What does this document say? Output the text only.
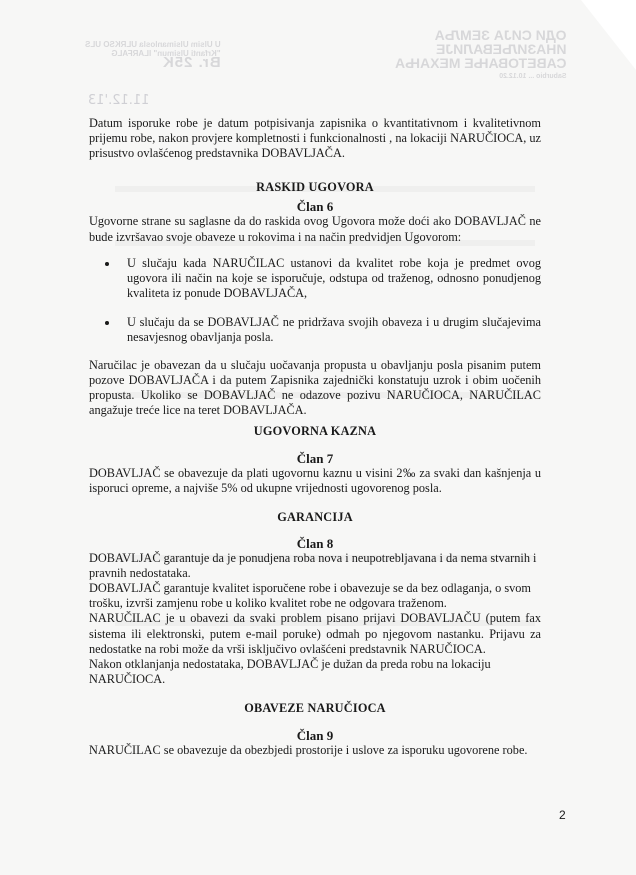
U Ulsim Ulsimanlosla ULRKSO ULS
"Krfanti Ulsimun" ILARFALG
Br. 25K
11.12.'13
ОДИ СИЈА ЗЕМЉА
ИНАЗИЉЕВАЛИЈЕ
САВЕТОВАЊЕ МЕХАЊА
Saburbio ... 10.12.20

Datum isporuke robe je datum potpisivanja zapisnika o kvantitativnom i kvalitetivnom prijemu robe, nakon provjere kompletnosti i funkcionalnosti , na lokaciji NARUČIOCA, uz prisustvo ovlašćenog predstavnika DOBAVLJAČA.

RASKID UGOVORA

Član 6

Ugovorne strane su saglasne da do raskida ovog Ugovora može doći ako DOBAVLJAČ ne bude izvršavao svoje obaveze u rokovima i na način predvidjen Ugovorom:

U slučaju kada NARUČILAC ustanovi da kvalitet robe koja je predmet ovog ugovora ili način na koje se isporučuje, odstupa od traženog, odnosno ponudjenog kvaliteta iz ponude DOBAVLJAČA,
U slučaju da se DOBAVLJAČ ne pridržava svojih obaveza i u drugim slučajevima nesavjesnog obavljanja posla.

Naručilac je obavezan da u slučaju uočavanja propusta u obavljanju posla pisanim putem pozove DOBAVLJAČA i da putem Zapisnika zajednički konstatuju uzrok i obim uočenih propusta. Ukoliko se DOBAVLJAČ ne odazove pozivu NARUČIOCA, NARUČILAC angažuje treće lice na teret DOBAVLJAČA.

UGOVORNA KAZNA

Član 7

DOBAVLJAČ se obavezuje da plati ugovornu kaznu u visini 2‰ za svaki dan kašnjenja u isporuci opreme, a najviše 5% od ukupne vrijednosti ugovorenog posla.

GARANCIJA

Član 8

DOBAVLJAČ garantuje da je ponudjena roba nova i neupotrebljavana i da nema stvarnih i pravnih nedostataka.

DOBAVLJAČ garantuje kvalitet isporučene robe i obavezuje se da bez odlaganja, o svom trošku, izvrši zamjenu robe u koliko kvalitet robe ne odgovara traženom.

NARUČILAC je u obavezi da svaki problem pisano prijavi DOBAVLJAČU (putem fax sistema ili elektronski, putem e-mail poruke) odmah po njegovom nastanku. Prijavu za nedostatke na robi može da vrši isključivo ovlašćeni predstavnik NARUČIOCA.

Nakon otklanjanja nedostataka, DOBAVLJAČ je dužan da preda robu na lokaciju NARUČIOCA.

OBAVEZE NARUČIOCA

Član 9

NARUČILAC se obavezuje da obezbjedi prostorije i uslove za isporuku ugovorene robe.

2
